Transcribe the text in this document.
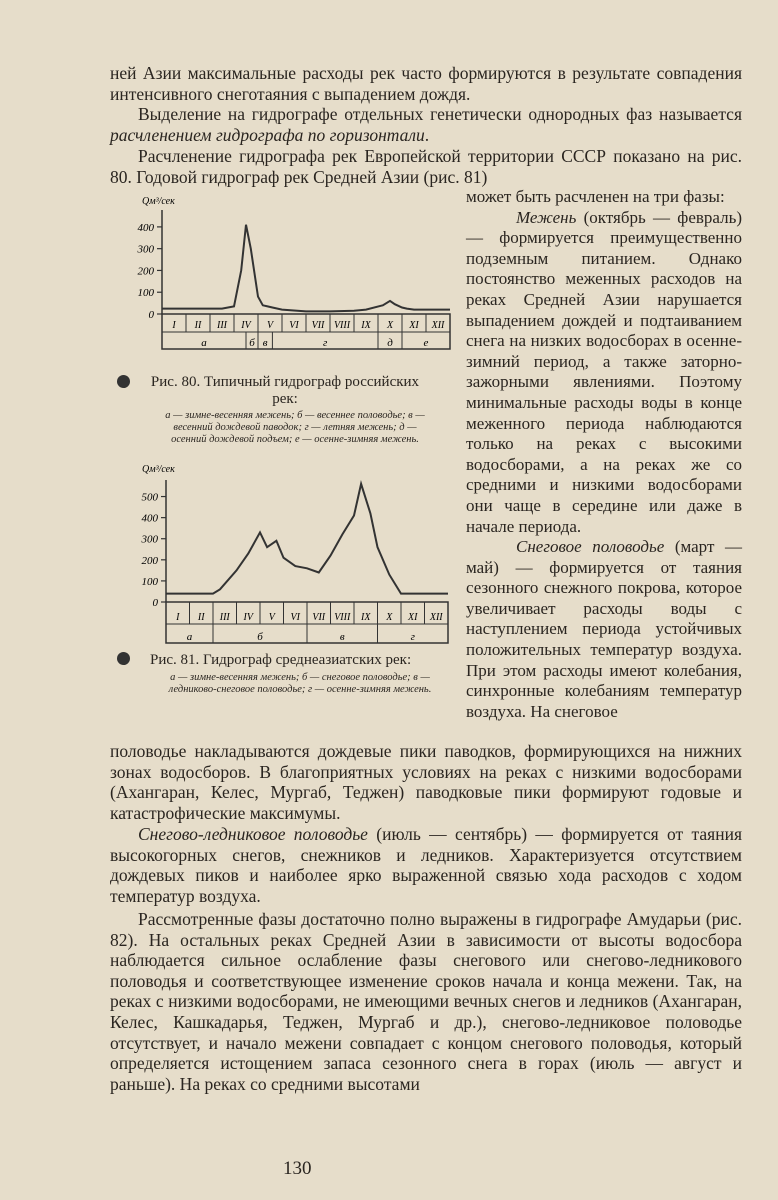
ней Азии максимальные расходы рек часто формируются в результате совпадения интенсивного снеготаяния с выпадением дождя.

Выделение на гидрографе отдельных генетически однородных фаз называется расчленением гидрографа по горизонтали.

Расчленение гидрографа рек Европейской территории СССР показано на рис. 80. Годовой гидрограф рек Средней Азии (рис. 81)

может быть расчленен на три фазы:

Межень (октябрь — февраль) — формируется преимущественно подземным питанием. Однако постоянство меженных расходов на реках Средней Азии нарушается выпадением дождей и подтаиванием снега на низких водосборах в осенне-зимний период, а также заторно-зажорными явлениями. Поэтому минимальные расходы воды в конце меженного периода наблюдаются только на реках с высокими водосборами, а на реках же со средними и низкими водосборами они чаще в середине или даже в начале периода.

Снеговое половодье (март — май) — формируется от таяния сезонного снежного покрова, которое увеличивает расходы воды с наступлением периода устойчивых положительных температур воздуха. При этом расходы имеют колебания, синхронные колебаниям температур воздуха. На снеговое

Qм³/сек
0
100
200
300
400
I II III IV V VI VII VIII IX X XI XII
а	б в	г	д	е
Рис. 80. Типичный гидрограф российских рек:
а — зимне-весенняя межень; б — весеннее половодье; в — весенний дождевой паводок; г — летняя межень; д — осенний дождевой подъем; е — осенне-зимняя межень.
Qм³/сек
0
100
200
300
400
500
I II III IV V VI VII VIII IX X XI XII
а	б	в	г
Рис. 81. Гидрограф среднеазиатских рек:
а — зимне-весенняя межень; б — снеговое половодье; в — ледниково-снеговое половодье; г — осенне-зимняя межень.

половодье накладываются дождевые пики паводков, формирующихся на нижних зонах водосборов. В благоприятных условиях на реках с низкими водосборами (Ахангаран, Келес, Мургаб, Теджен) паводковые пики формируют годовые и катастрофические максимумы.

Снегово-ледниковое половодье (июль — сентябрь) — формируется от таяния высокогорных снегов, снежников и ледников. Характеризуется отсутствием дождевых пиков и наиболее ярко выраженной связью хода расходов с ходом температур воздуха.

Рассмотренные фазы достаточно полно выражены в гидрографе Амударьи (рис. 82). На остальных реках Средней Азии в зависимости от высоты водосбора наблюдается сильное ослабление фазы снегового или снегово-ледникового половодья и соответствующее изменение сроков начала и конца межени. Так, на реках с низкими водосборами, не имеющими вечных снегов и ледников (Ахангаран, Келес, Кашкадарья, Теджен, Мургаб и др.), снегово-ледниковое половодье отсутствует, и начало межени совпадает с концом снегового половодья, который определяется истощением запаса сезонного снега в горах (июль — август и раньше). На реках со средними высотами

130
